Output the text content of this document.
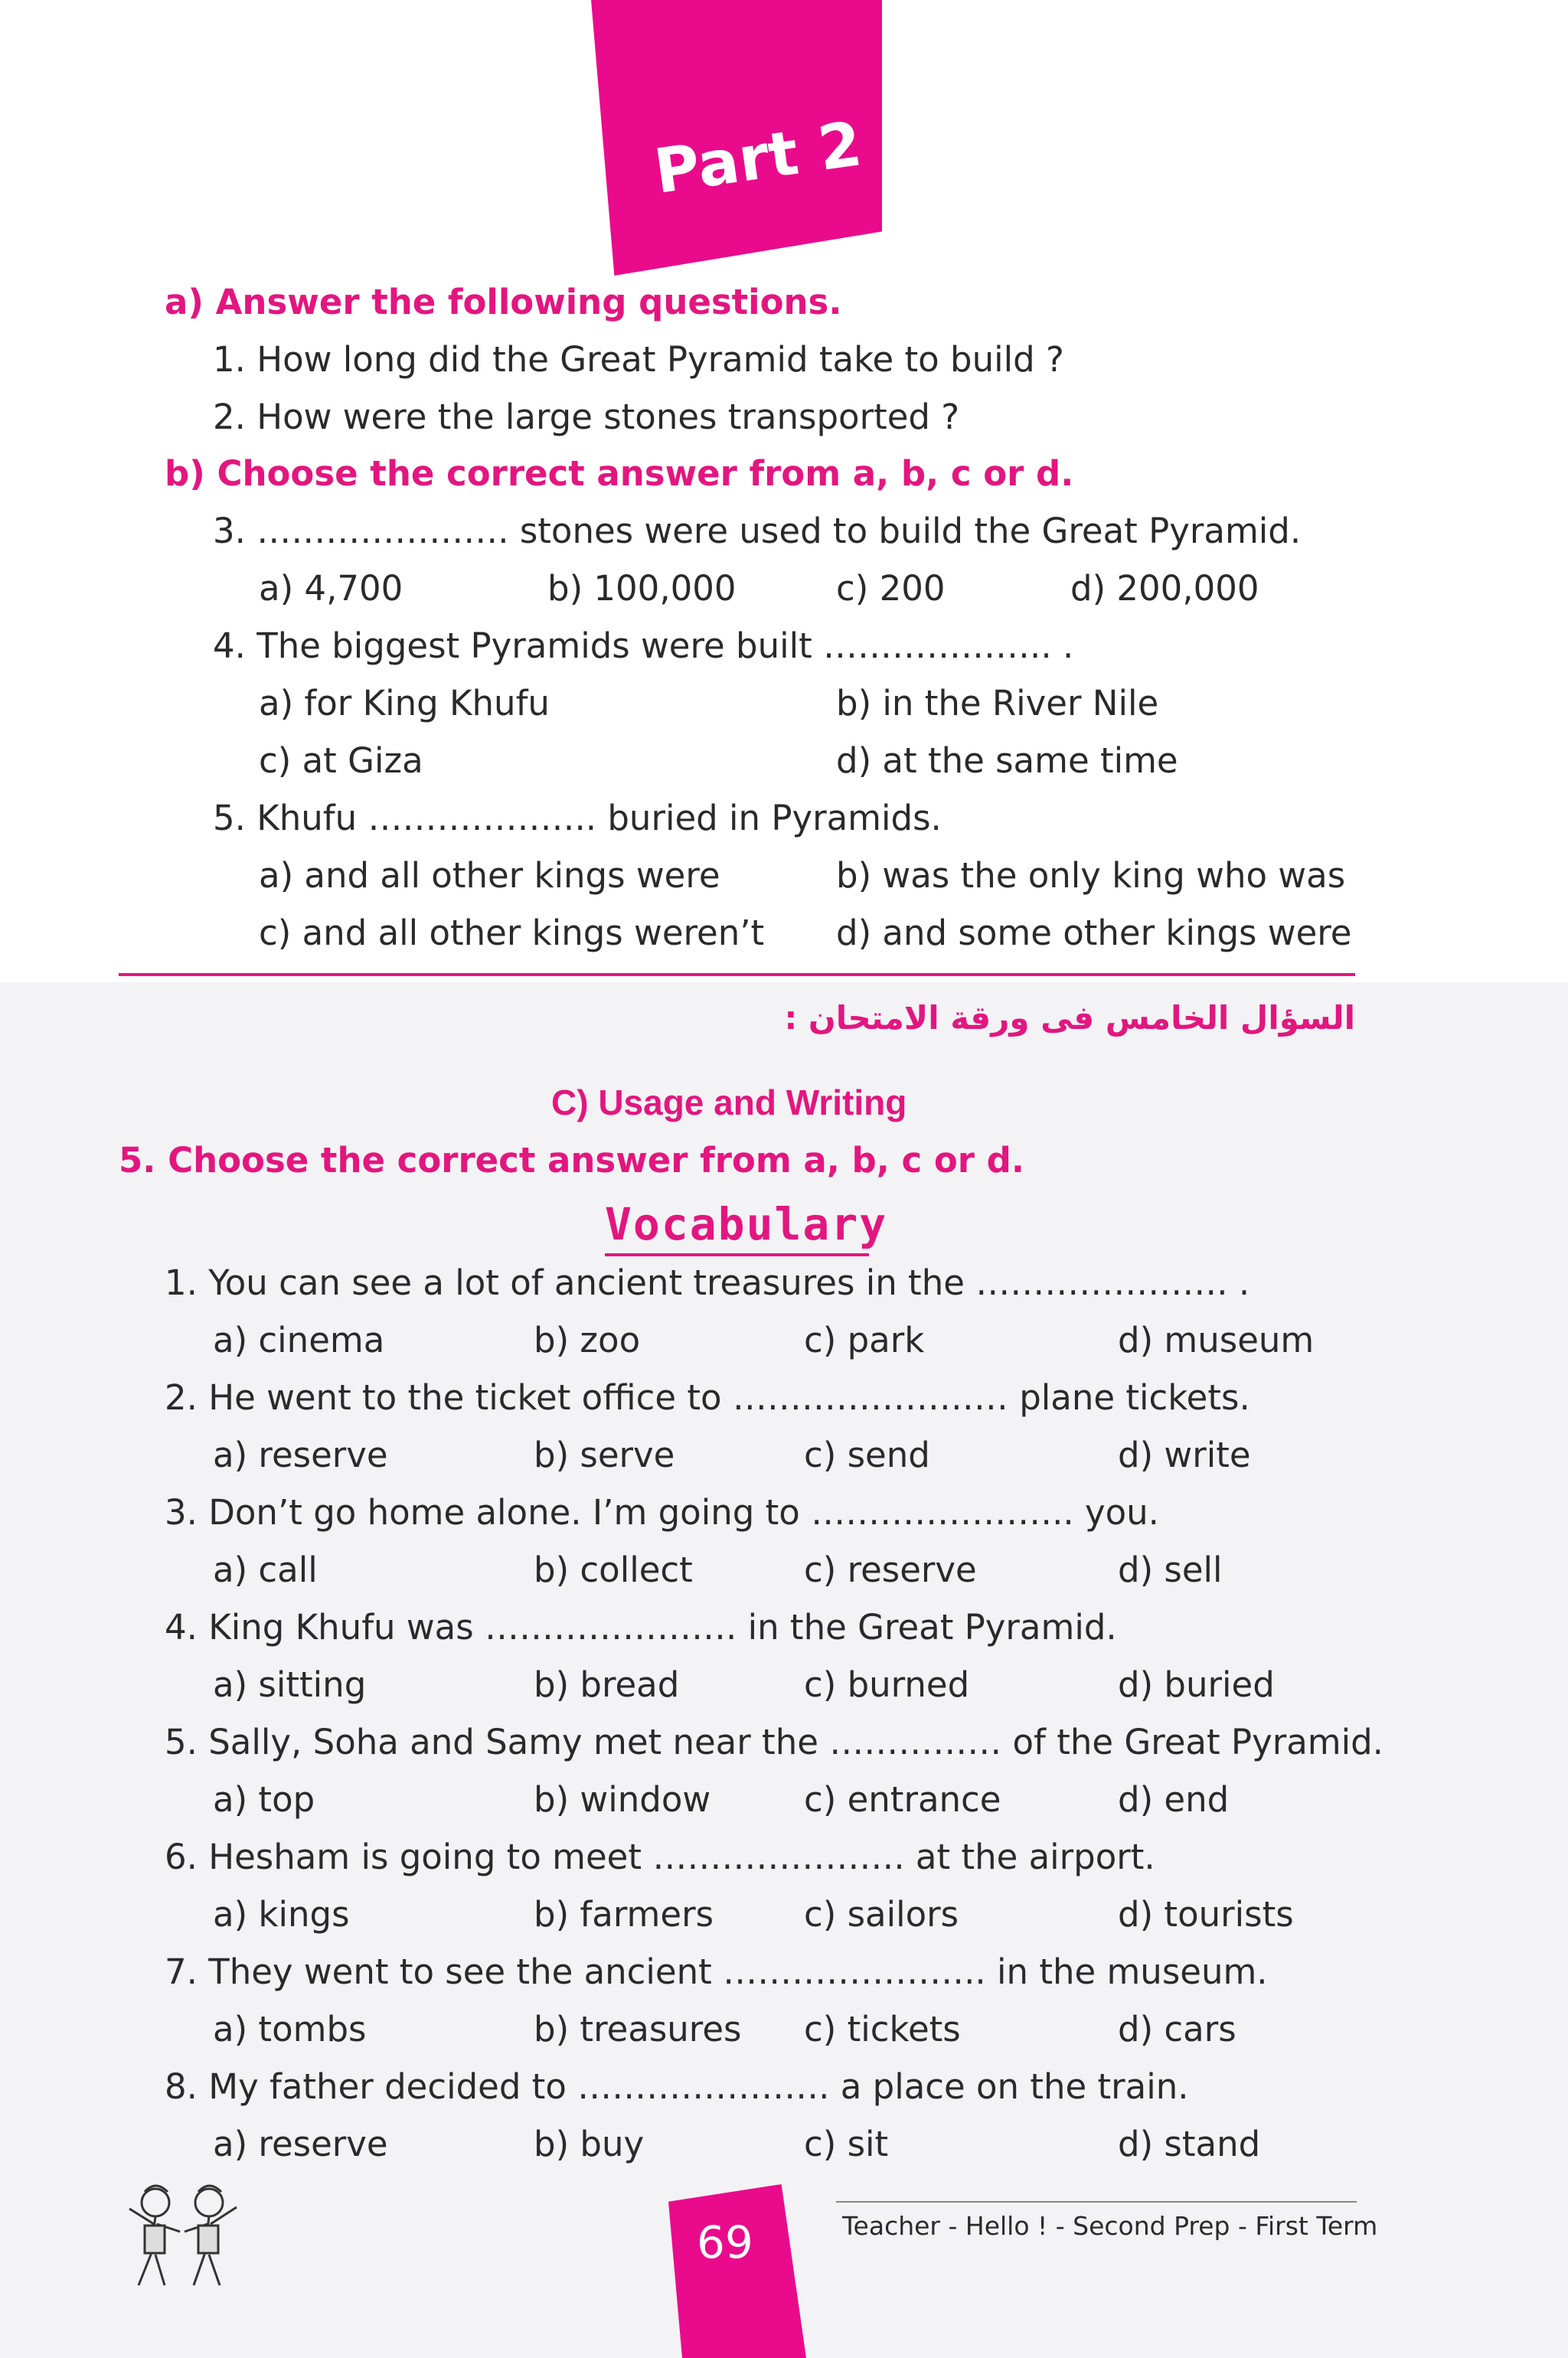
Part 2
a) Answer the following questions.
1. How long did the Great Pyramid take to build ?
2. How were the large stones transported ?
b) Choose the correct answer from a, b, c or d.
3. …………………. stones were used to build the Great Pyramid.
a) 4,700	b) 100,000	c) 200	d) 200,000
4. The biggest Pyramids were built ……………….. .
a) for King Khufu	b) in the River Nile
c) at Giza	d) at the same time
5. Khufu ……………….. buried in Pyramids.
a) and all other kings were	b) was the only king who was
c) and all other kings weren’t d) and some other kings were
السؤال الخامس فى ورقة الامتحان :
C) Usage and Writing
5. Choose the correct answer from a, b, c or d.
Vocabulary
1. You can see a lot of ancient treasures in the …………………. .
a) cinema	b) zoo	c) park	d) museum
2. He went to the ticket office to …………………… plane tickets.
a) reserve	b) serve	c) send	d) write
3. Don’t go home alone. I’m going to ………………….. you.
a) call	b) collect	c) reserve	d) sell
4. King Khufu was …………………. in the Great Pyramid.
a) sitting	b) bread	c) burned	d) buried
5. Sally, Soha and Samy met near the …………… of the Great Pyramid.
a) top	b) window	c) entrance	d) end
6. Hesham is going to meet …………………. at the airport.
a) kings	b) farmers	c) sailors	d) tourists
7. They went to see the ancient ………………….. in the museum.
a) tombs	b) treasures c) tickets	d) cars
8. My father decided to …………………. a place on the train.
a) reserve	b) buy	c) sit	d) stand
69	Teacher - Hello ! - Second Prep - First Term
